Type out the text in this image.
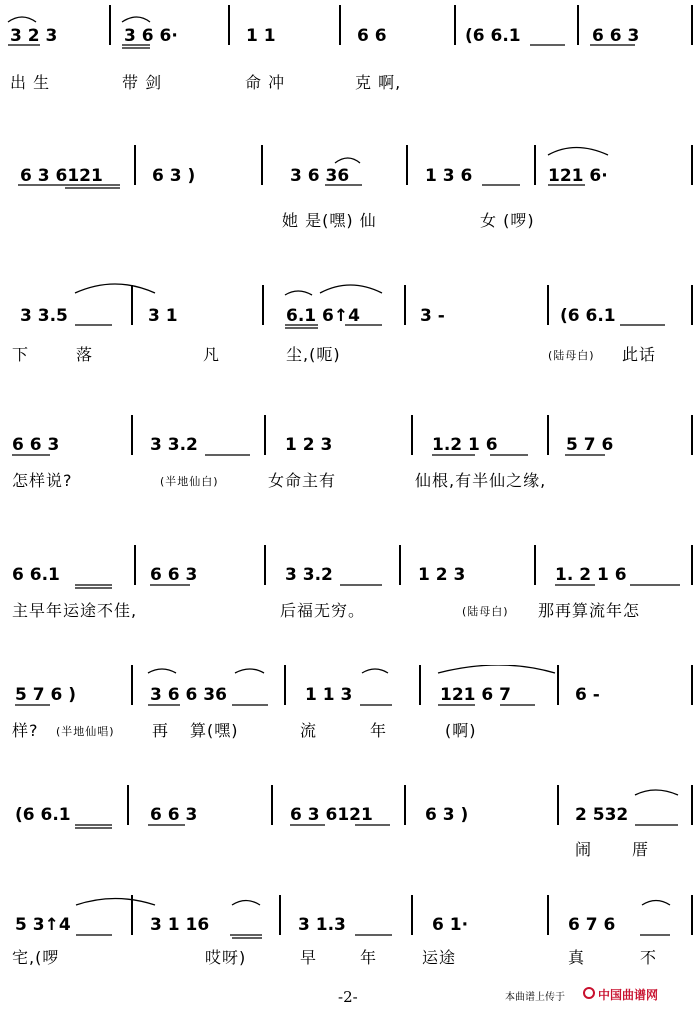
3 2 3	3 6 6·	1 1	6 6	(6 6.1	6 6 3
出 生	带 剑	命 冲	克 啊,
6 3 6121	6 3 )	3 6 36	1 3 6	121 6·
她 是(嘿) 仙	女 (啰)
3 3.5	3 1	6.1 6↑4	3 -	(6 6.1
下	落	凡	尘,(呃)	(陆母白) 此话
6 6 3	3 3.2	1 2 3	1.2 1 6	5 7 6
怎样说?	(半地仙白)	女命主有	仙根,有半仙之缘,
6 6.1	6 6 3	3 3.2	1 2 3	1. 2 1 6
主早年运途不佳,	后福无穷。	(陆母白) 那再算流年怎
5 7 6 )	3 6 6 36	1 1 3	121 6 7	6 -
样? (半地仙唱) 再 算(嘿)	流	年	(啊)
(6 6.1	6 6 3	6 3 6121	6 3 )	2 532
闹 厝
5 3↑4	3 1 16	3 1.3	6 1·	6 7 6
宅,(啰	哎呀)	早	年	运途	真	不
-2-	本曲谱上传于	中国曲谱网
